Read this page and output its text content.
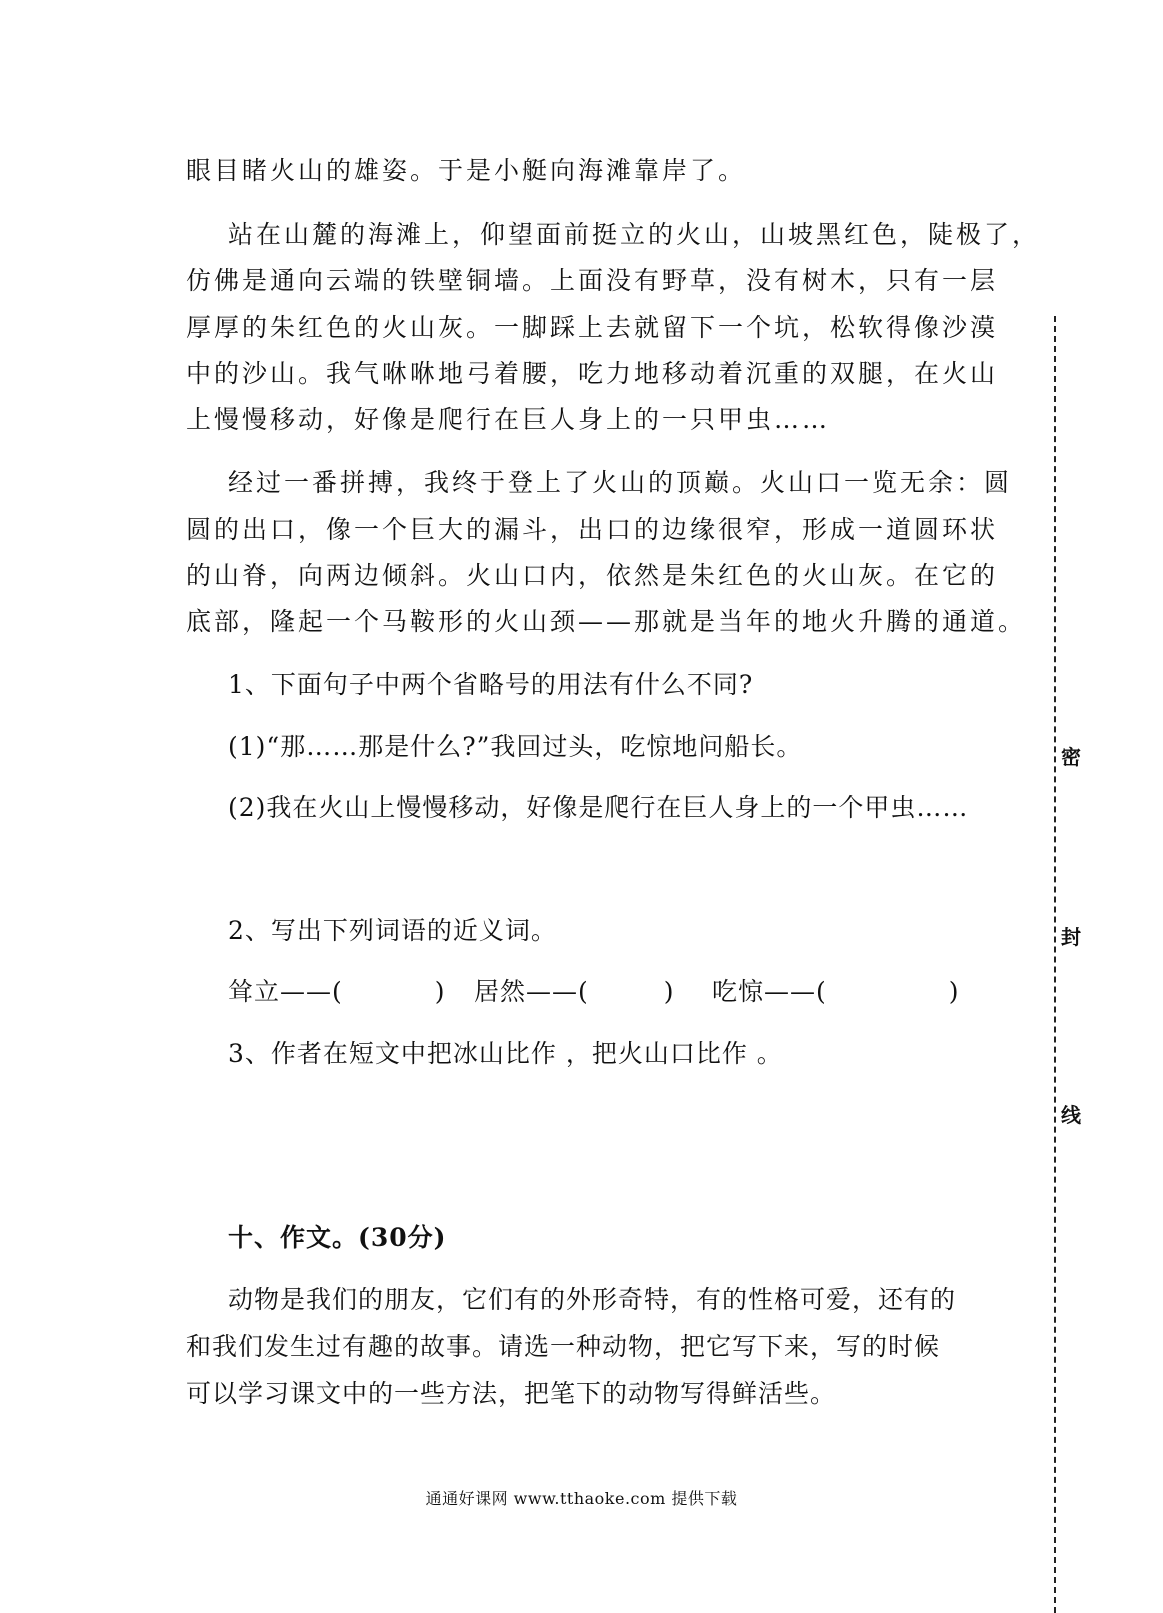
眼目睹火山的雄姿。于是小艇向海滩靠岸了。
站在山麓的海滩上，仰望面前挺立的火山，山坡黑红色，陡极了，
仿佛是通向云端的铁壁铜墙。上面没有野草，没有树木，只有一层
厚厚的朱红色的火山灰。一脚踩上去就留下一个坑，松软得像沙漠
中的沙山。我气咻咻地弓着腰，吃力地移动着沉重的双腿，在火山
上慢慢移动，好像是爬行在巨人身上的一只甲虫……
经过一番拼搏，我终于登上了火山的顶巅。火山口一览无余：圆
圆的出口，像一个巨大的漏斗，出口的边缘很窄，形成一道圆环状
的山脊，向两边倾斜。火山口内，依然是朱红色的火山灰。在它的
底部，隆起一个马鞍形的火山颈——那就是当年的地火升腾的通道。
1、下面句子中两个省略号的用法有什么不同?
(1)“那……那是什么?”我回过头，吃惊地问船长。
(2)我在火山上慢慢移动，好像是爬行在巨人身上的一个甲虫……
2、写出下列词语的近义词。
耸立——(	) 居然——(	) 吃惊——(	)
3、作者在短文中把冰山比作 ，把火山口比作 。
十、作文。(30分)
动物是我们的朋友，它们有的外形奇特，有的性格可爱，还有的
和我们发生过有趣的故事。请选一种动物，把它写下来，写的时候
可以学习课文中的一些方法，把笔下的动物写得鲜活些。
通通好课网 www.tthaoke.com 提供下载
密
封
线
